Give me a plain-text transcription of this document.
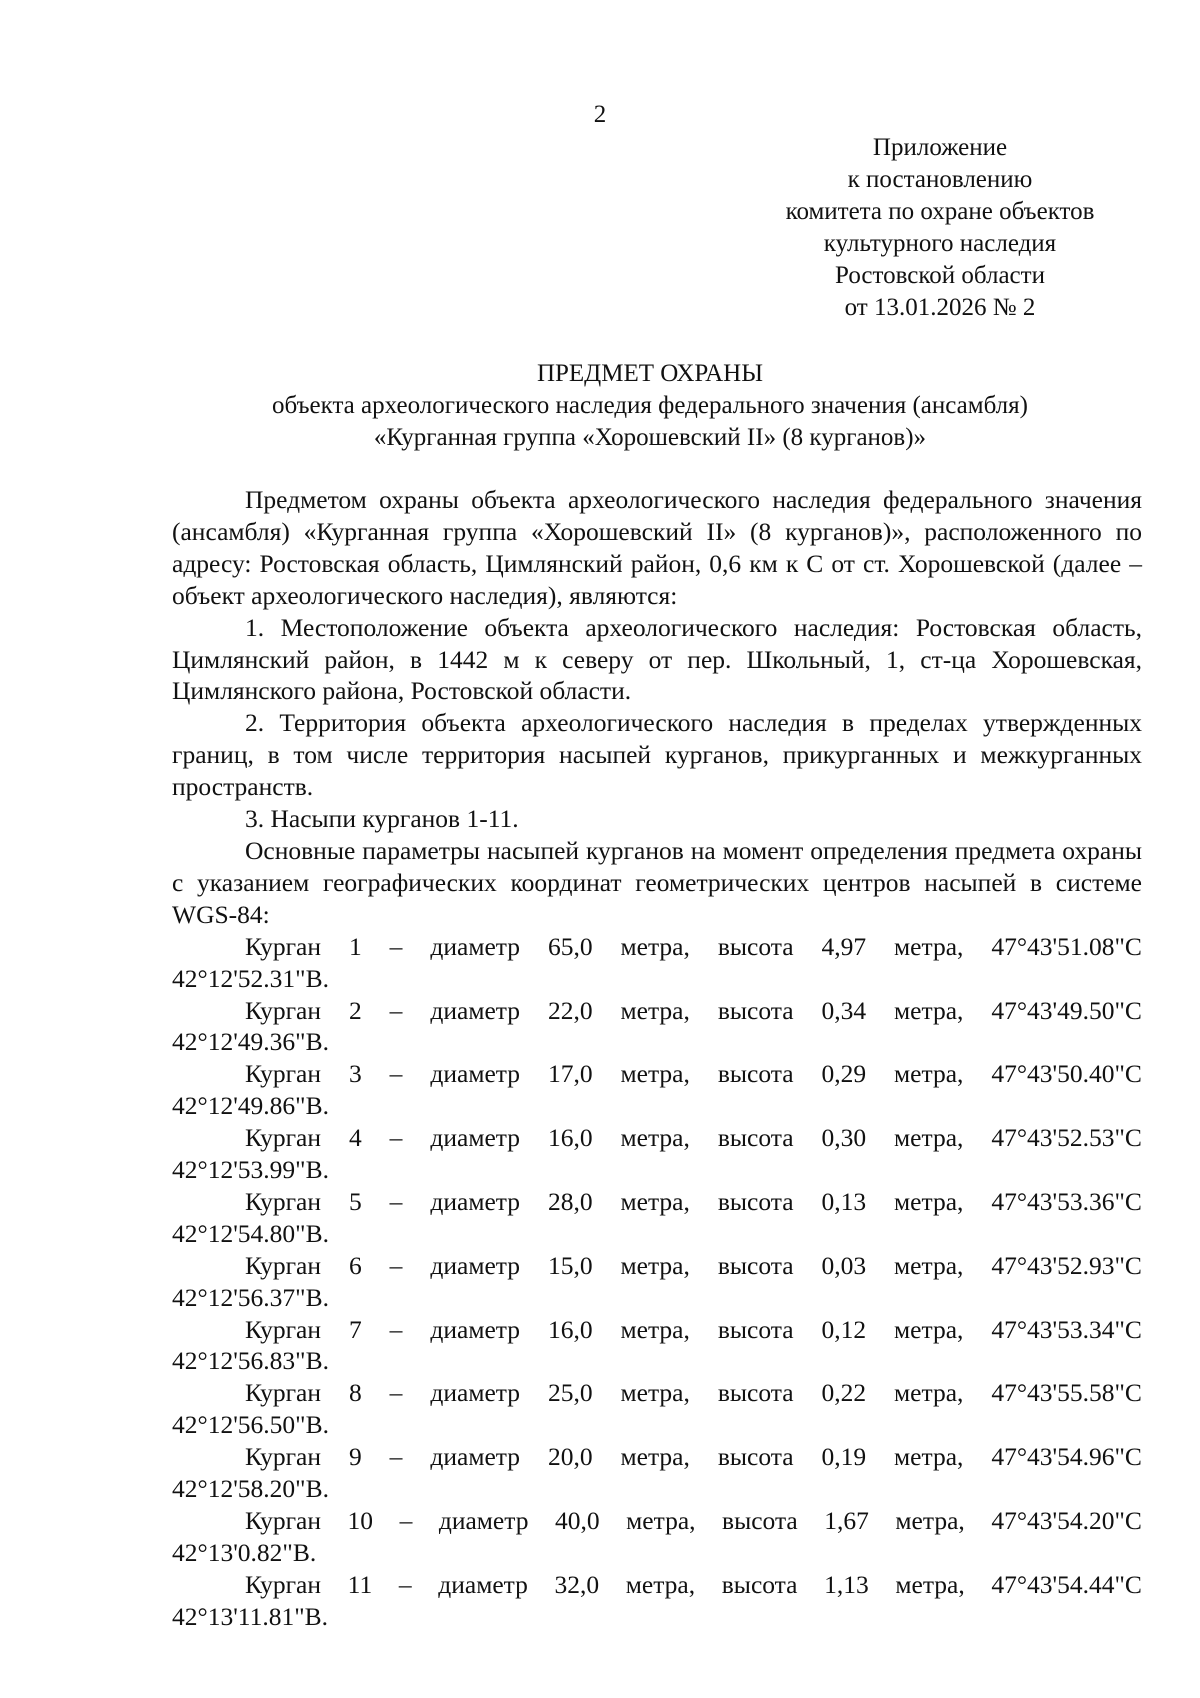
2
Приложение
к постановлению
комитета по охране объектов
культурного наследия
Ростовской области
от 13.01.2026 № 2
ПРЕДМЕТ ОХРАНЫ
объекта археологического наследия федерального значения (ансамбля)
«Курганная группа «Хорошевский II» (8 курганов)»

Предметом охраны объекта археологического наследия федерального значения (ансамбля) «Курганная группа «Хорошевский II» (8 курганов)», расположенного по адресу: Ростовская область, Цимлянский район, 0,6 км к С от ст. Хорошевской (далее – объект археологического наследия), являются:

1. Местоположение объекта археологического наследия: Ростовская область, Цимлянский район, в 1442 м к северу от пер. Школьный, 1, ст-ца Хорошевская, Цимлянского района, Ростовской области.

2. Территория объекта археологического наследия в пределах утвержденных границ, в том числе территория насыпей курганов, прикурганных и межкурганных пространств.

3. Насыпи курганов 1-11.

Основные параметры насыпей курганов на момент определения предмета охраны с указанием географических координат геометрических центров насыпей в системе WGS-84:

Курган 1 – диаметр 65,0 метра, высота 4,97 метра, 47°43'51.08"С
42°12'52.31"В.
Курган 2 – диаметр 22,0 метра, высота 0,34 метра, 47°43'49.50"С
42°12'49.36"В.
Курган 3 – диаметр 17,0 метра, высота 0,29 метра, 47°43'50.40"С
42°12'49.86"В.
Курган 4 – диаметр 16,0 метра, высота 0,30 метра, 47°43'52.53"С
42°12'53.99"В.
Курган 5 – диаметр 28,0 метра, высота 0,13 метра, 47°43'53.36"С
42°12'54.80"В.
Курган 6 – диаметр 15,0 метра, высота 0,03 метра, 47°43'52.93"С
42°12'56.37"В.
Курган 7 – диаметр 16,0 метра, высота 0,12 метра, 47°43'53.34"С
42°12'56.83"В.
Курган 8 – диаметр 25,0 метра, высота 0,22 метра, 47°43'55.58"С
42°12'56.50"В.
Курган 9 – диаметр 20,0 метра, высота 0,19 метра, 47°43'54.96"С
42°12'58.20"В.
Курган 10 – диаметр 40,0 метра, высота 1,67 метра, 47°43'54.20"С
42°13'0.82"В.
Курган 11 – диаметр 32,0 метра, высота 1,13 метра, 47°43'54.44"С
42°13'11.81"В.
